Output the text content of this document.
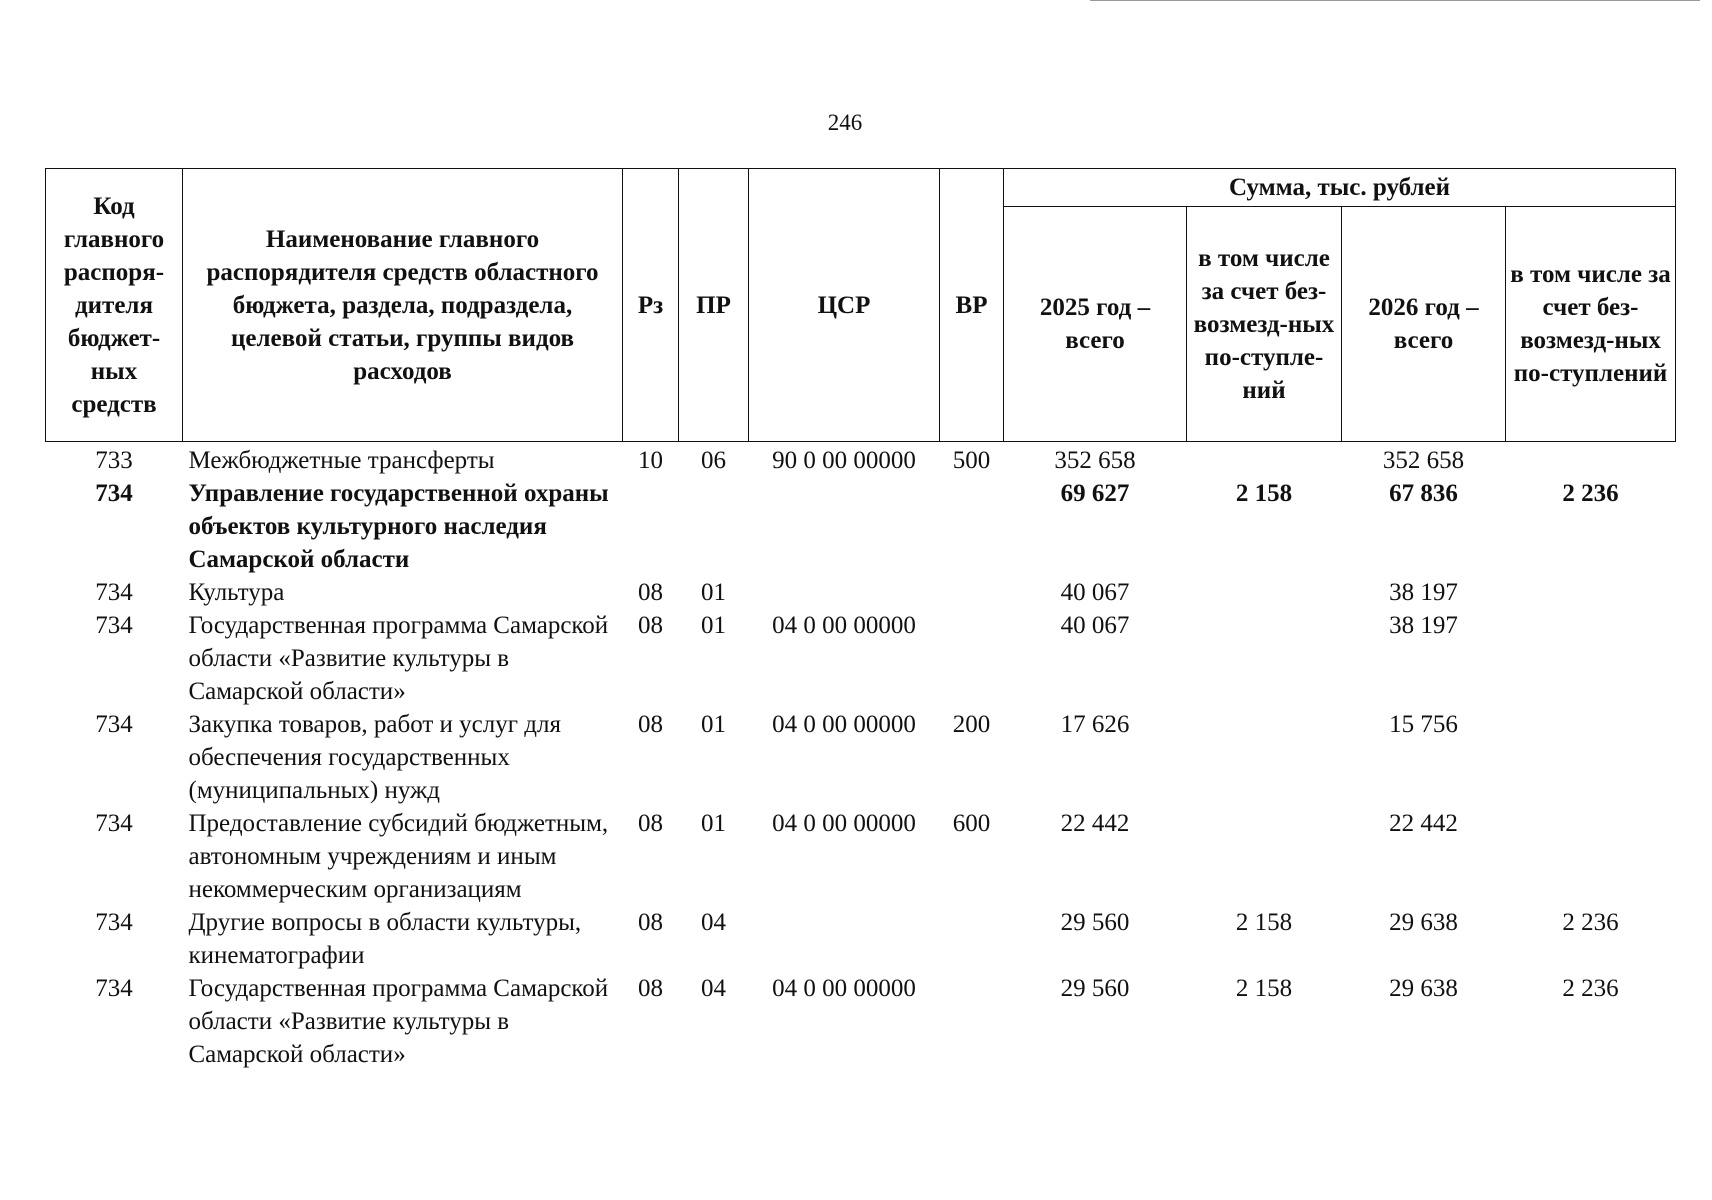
246
Код главного распоря-дителя бюджет-ных средств	Наименование главного распорядителя средств областного бюджета, раздела, подраздела, целевой статьи, группы видов расходов	Рз	ПР	ЦСР	ВР	Сумма, тыс. рублей			
						2025 год – всего	в том числе за счет без-возмезд-ных по-ступле-ний	2026 год – всего	в том числе за счет без-возмезд-ных по-ступлений
733	Межбюджетные трансферты	10	06	90 0 00 00000	500	352 658		352 658	
734	Управление государственной охраны объектов культурного наследия Самарской области					69 627	2 158	67 836	2 236
734	Культура	08	01			40 067		38 197	
734	Государственная программа Самарской области «Развитие культуры в Самарской области»	08	01	04 0 00 00000		40 067		38 197	
734	Закупка товаров, работ и услуг для обеспечения государственных (муниципальных) нужд	08	01	04 0 00 00000	200	17 626		15 756	
734	Предоставление субсидий бюджетным, автономным учреждениям и иным некоммерческим организациям	08	01	04 0 00 00000	600	22 442		22 442	
734	Другие вопросы в области культуры, кинематографии	08	04			29 560	2 158	29 638	2 236
734	Государственная программа Самарской области «Развитие культуры в Самарской области»	08	04	04 0 00 00000		29 560	2 158	29 638	2 236
